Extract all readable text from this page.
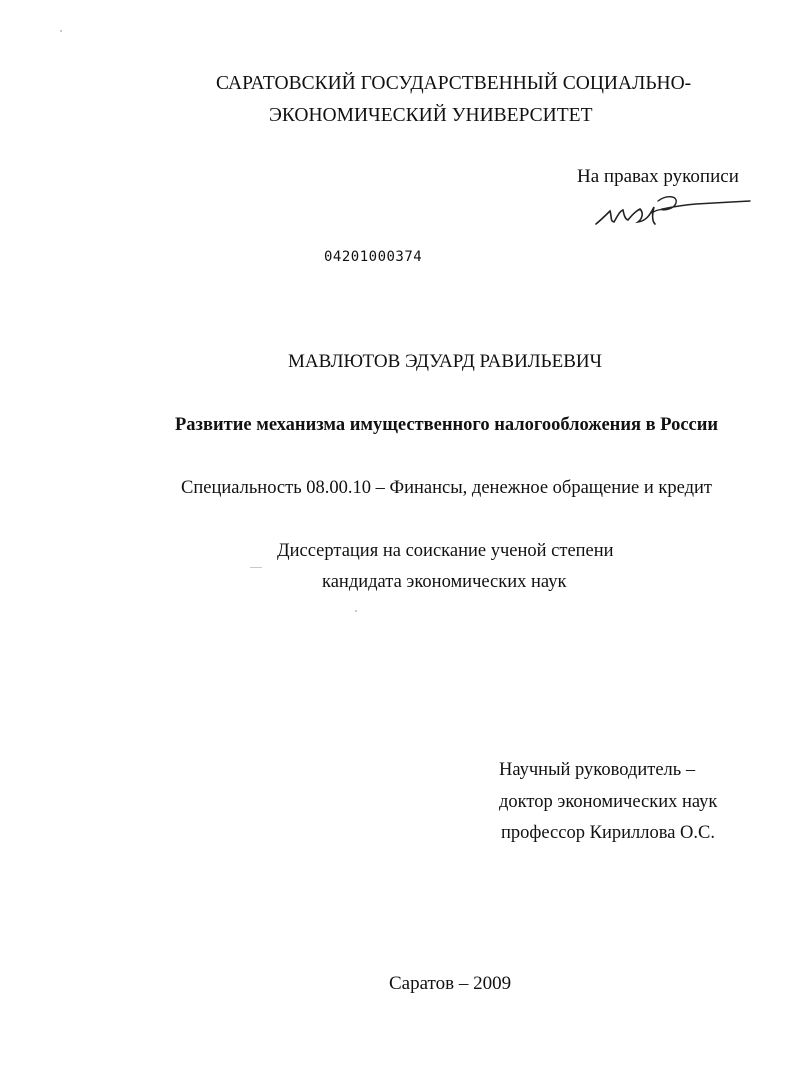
САРАТОВСКИЙ ГОСУДАРСТВЕННЫЙ СОЦИАЛЬНО-
ЭКОНОМИЧЕСКИЙ УНИВЕРСИТЕТ
На правах рукописи
04201000374
МАВЛЮТОВ ЭДУАРД РАВИЛЬЕВИЧ
Развитие механизма имущественного налогообложения в России
Специальность 08.00.10 – Финансы, денежное обращение и кредит
Диссертация на соискание ученой степени
кандидата экономических наук
Научный руководитель –
доктор экономических наук
профессор Кириллова О.С.
Саратов – 2009
